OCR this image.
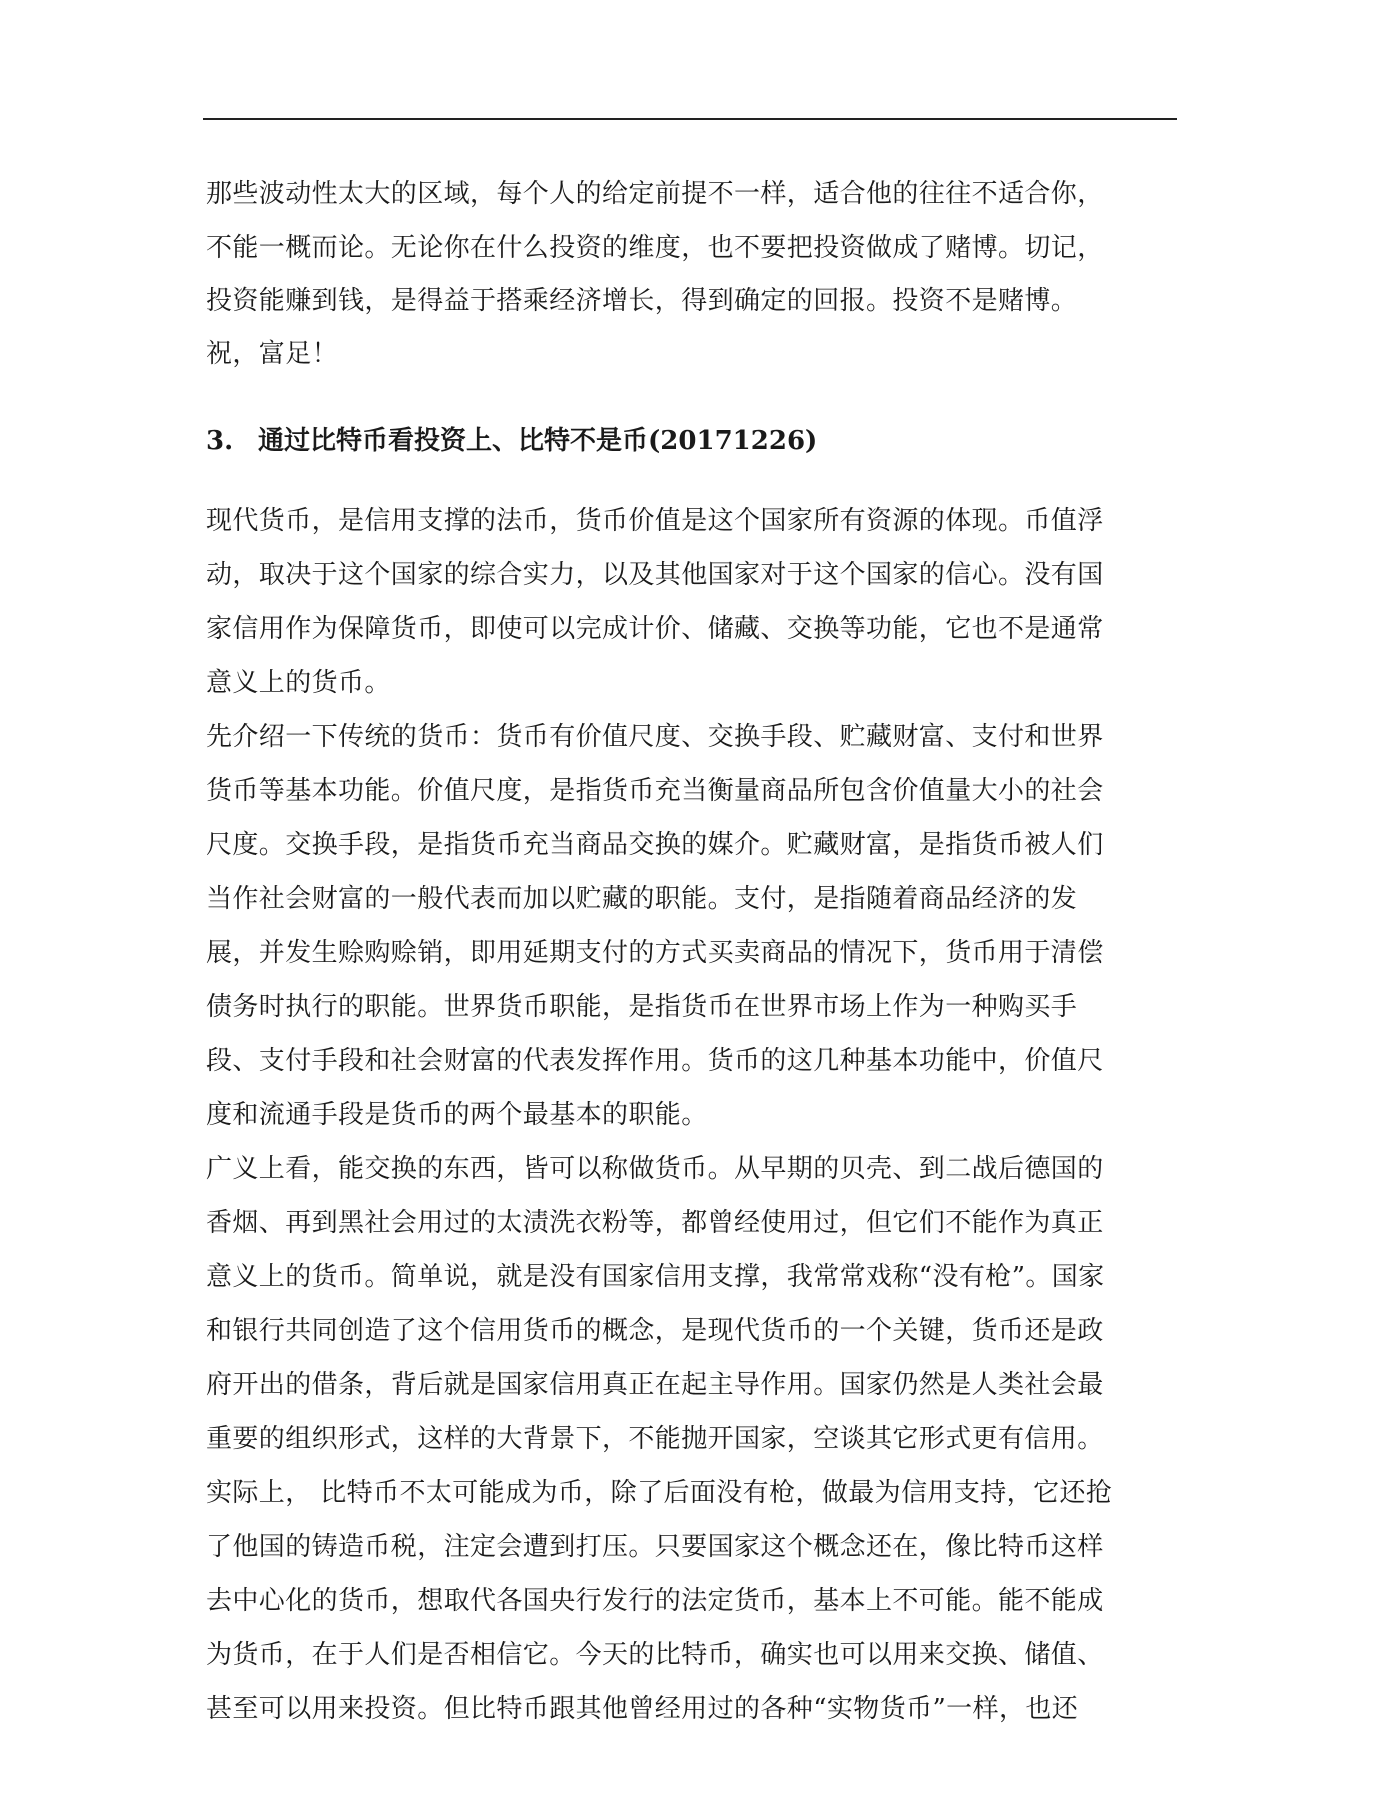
那些波动性太大的区域，每个人的给定前提不一样，适合他的往往不适合你，
不能一概而论。无论你在什么投资的维度，也不要把投资做成了赌博。切记，
投资能赚到钱，是得益于搭乘经济增长，得到确定的回报。投资不是赌博。
祝，富足！
3. 通过比特币看投资上、比特不是币(20171226)
现代货币，是信用支撑的法币，货币价值是这个国家所有资源的体现。币值浮
动，取决于这个国家的综合实力，以及其他国家对于这个国家的信心。没有国
家信用作为保障货币，即使可以完成计价、储藏、交换等功能，它也不是通常
意义上的货币。
先介绍一下传统的货币：货币有价值尺度、交换手段、贮藏财富、支付和世界
货币等基本功能。价值尺度，是指货币充当衡量商品所包含价值量大小的社会
尺度。交换手段，是指货币充当商品交换的媒介。贮藏财富，是指货币被人们
当作社会财富的一般代表而加以贮藏的职能。支付，是指随着商品经济的发
展，并发生赊购赊销，即用延期支付的方式买卖商品的情况下，货币用于清偿
债务时执行的职能。世界货币职能，是指货币在世界市场上作为一种购买手
段、支付手段和社会财富的代表发挥作用。货币的这几种基本功能中，价值尺
度和流通手段是货币的两个最基本的职能。
广义上看，能交换的东西，皆可以称做货币。从早期的贝壳、到二战后德国的
香烟、再到黑社会用过的太渍洗衣粉等，都曾经使用过，但它们不能作为真正
意义上的货币。简单说，就是没有国家信用支撑，我常常戏称“没有枪”。国家
和银行共同创造了这个信用货币的概念，是现代货币的一个关键，货币还是政
府开出的借条，背后就是国家信用真正在起主导作用。国家仍然是人类社会最
重要的组织形式，这样的大背景下，不能抛开国家，空谈其它形式更有信用。
实际上， 比特币不太可能成为币，除了后面没有枪，做最为信用支持，它还抢
了他国的铸造币税，注定会遭到打压。只要国家这个概念还在，像比特币这样
去中心化的货币，想取代各国央行发行的法定货币，基本上不可能。能不能成
为货币，在于人们是否相信它。今天的比特币，确实也可以用来交换、储值、
甚至可以用来投资。但比特币跟其他曾经用过的各种“实物货币”一样，也还
